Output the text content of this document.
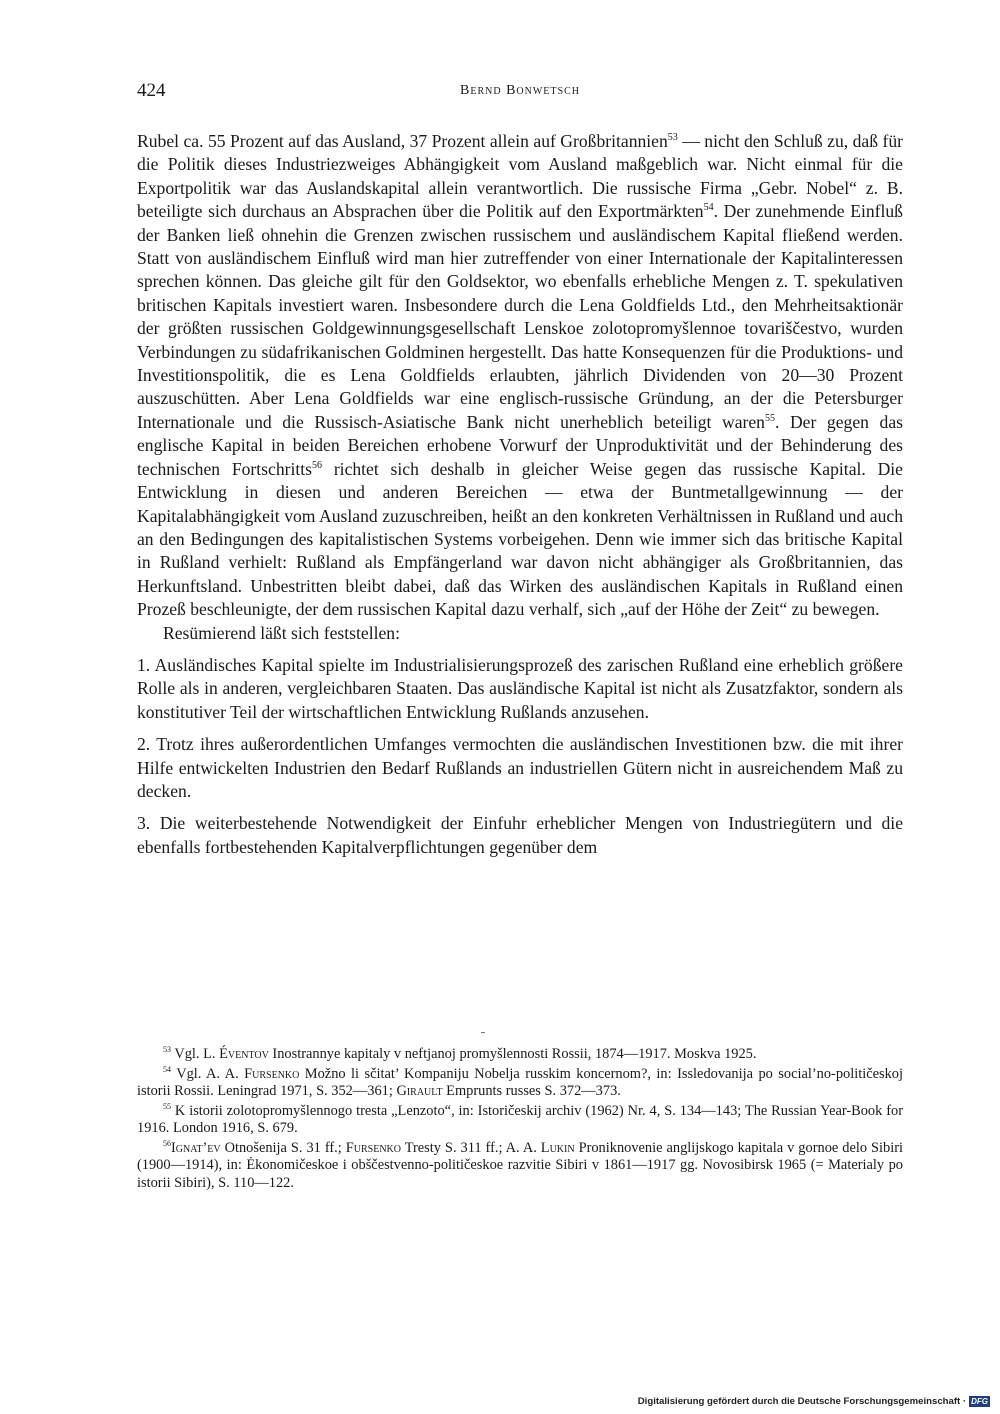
424	Bernd Bonwetsch

Rubel ca. 55 Prozent auf das Ausland, 37 Prozent allein auf Großbritannien$^{53}$ — nicht den Schluß zu, daß für die Politik dieses Industriezweiges Abhängigkeit vom Ausland maßgeblich war. Nicht einmal für die Exportpolitik war das Auslandskapital allein verantwortlich. Die russische Firma „Gebr. Nobel“ z. B. beteiligte sich durchaus an Absprachen über die Politik auf den Exportmärkten$^{54}$. Der zunehmende Einfluß der Banken ließ ohnehin die Grenzen zwischen russischem und ausländischem Kapital fließend werden. Statt von ausländischem Einfluß wird man hier zutreffender von einer Internationale der Kapitalinteressen sprechen können. Das gleiche gilt für den Goldsektor, wo ebenfalls erhebliche Mengen z. T. spekulativen britischen Kapitals investiert waren. Insbesondere durch die Lena Goldfields Ltd., den Mehrheitsaktionär der größten russischen Goldgewinnungsgesellschaft Lenskoe zolotopromyšlennoe tovariščestvo, wurden Verbindungen zu südafrikanischen Goldminen hergestellt. Das hatte Konsequenzen für die Produktions- und Investitionspolitik, die es Lena Goldfields erlaubten, jährlich Dividenden von 20—30 Prozent auszuschütten. Aber Lena Goldfields war eine englisch-russische Gründung, an der die Petersburger Internationale und die Russisch-Asiatische Bank nicht unerheblich beteiligt waren$^{55}$. Der gegen das englische Kapital in beiden Bereichen erhobene Vorwurf der Unproduktivität und der Behinderung des technischen Fortschritts$^{56}$ richtet sich deshalb in gleicher Weise gegen das russische Kapital. Die Entwicklung in diesen und anderen Bereichen — etwa der Buntmetallgewinnung — der Kapitalabhängigkeit vom Ausland zuzuschreiben, heißt an den konkreten Verhältnissen in Rußland und auch an den Bedingungen des kapitalistischen Systems vorbeigehen. Denn wie immer sich das britische Kapital in Rußland verhielt: Rußland als Empfängerland war davon nicht abhängiger als Großbritannien, das Herkunftsland. Unbestritten bleibt dabei, daß das Wirken des ausländischen Kapitals in Rußland einen Prozeß beschleunigte, der dem russischen Kapital dazu verhalf, sich „auf der Höhe der Zeit“ zu bewegen.

Resümierend läßt sich feststellen:

1. Ausländisches Kapital spielte im Industrialisierungsprozeß des zarischen Rußland eine erheblich größere Rolle als in anderen, vergleichbaren Staaten. Das ausländische Kapital ist nicht als Zusatzfaktor, sondern als konstitutiver Teil der wirtschaftlichen Entwicklung Rußlands anzusehen.

2. Trotz ihres außerordentlichen Umfanges vermochten die ausländischen Investitionen bzw. die mit ihrer Hilfe entwickelten Industrien den Bedarf Rußlands an industriellen Gütern nicht in ausreichendem Maß zu decken.

3. Die weiterbestehende Notwendigkeit der Einfuhr erheblicher Mengen von Industriegütern und die ebenfalls fortbestehenden Kapitalverpflichtungen gegenüber dem

$^{53}$ Vgl. L. Éventov Inostrannye kapitaly v neftjanoj promyšlennosti Rossii, 1874—1917. Moskva 1925.

$^{54}$ Vgl. A. A. Fursenko Možno li sčitat’ Kompaniju Nobelja russkim koncernom?, in: Issledovanija po social’no-političeskoj istorii Rossii. Leningrad 1971, S. 352—361; Girault Emprunts russes S. 372—373.

$^{55}$ K istorii zolotopromyšlennogo tresta „Lenzoto“, in: Istoričeskij archiv (1962) Nr. 4, S. 134—143; The Russian Year-Book for 1916. London 1916, S. 679.

$^{56}$Ignat’ev Otnošenija S. 31 ff.; Fursenko Tresty S. 311 ff.; A. A. Lukin Proniknovenie anglijskogo kapitala v gornoe delo Sibiri (1900—1914), in: Ėkonomičeskoe i obščestvenno-političeskoe razvitie Sibiri v 1861—1917 gg. Novosibirsk 1965 (= Materialy po istorii Sibiri), S. 110—122.

Digitalisierung gefördert durch die Deutsche Forschungsgemeinschaft · DFG
